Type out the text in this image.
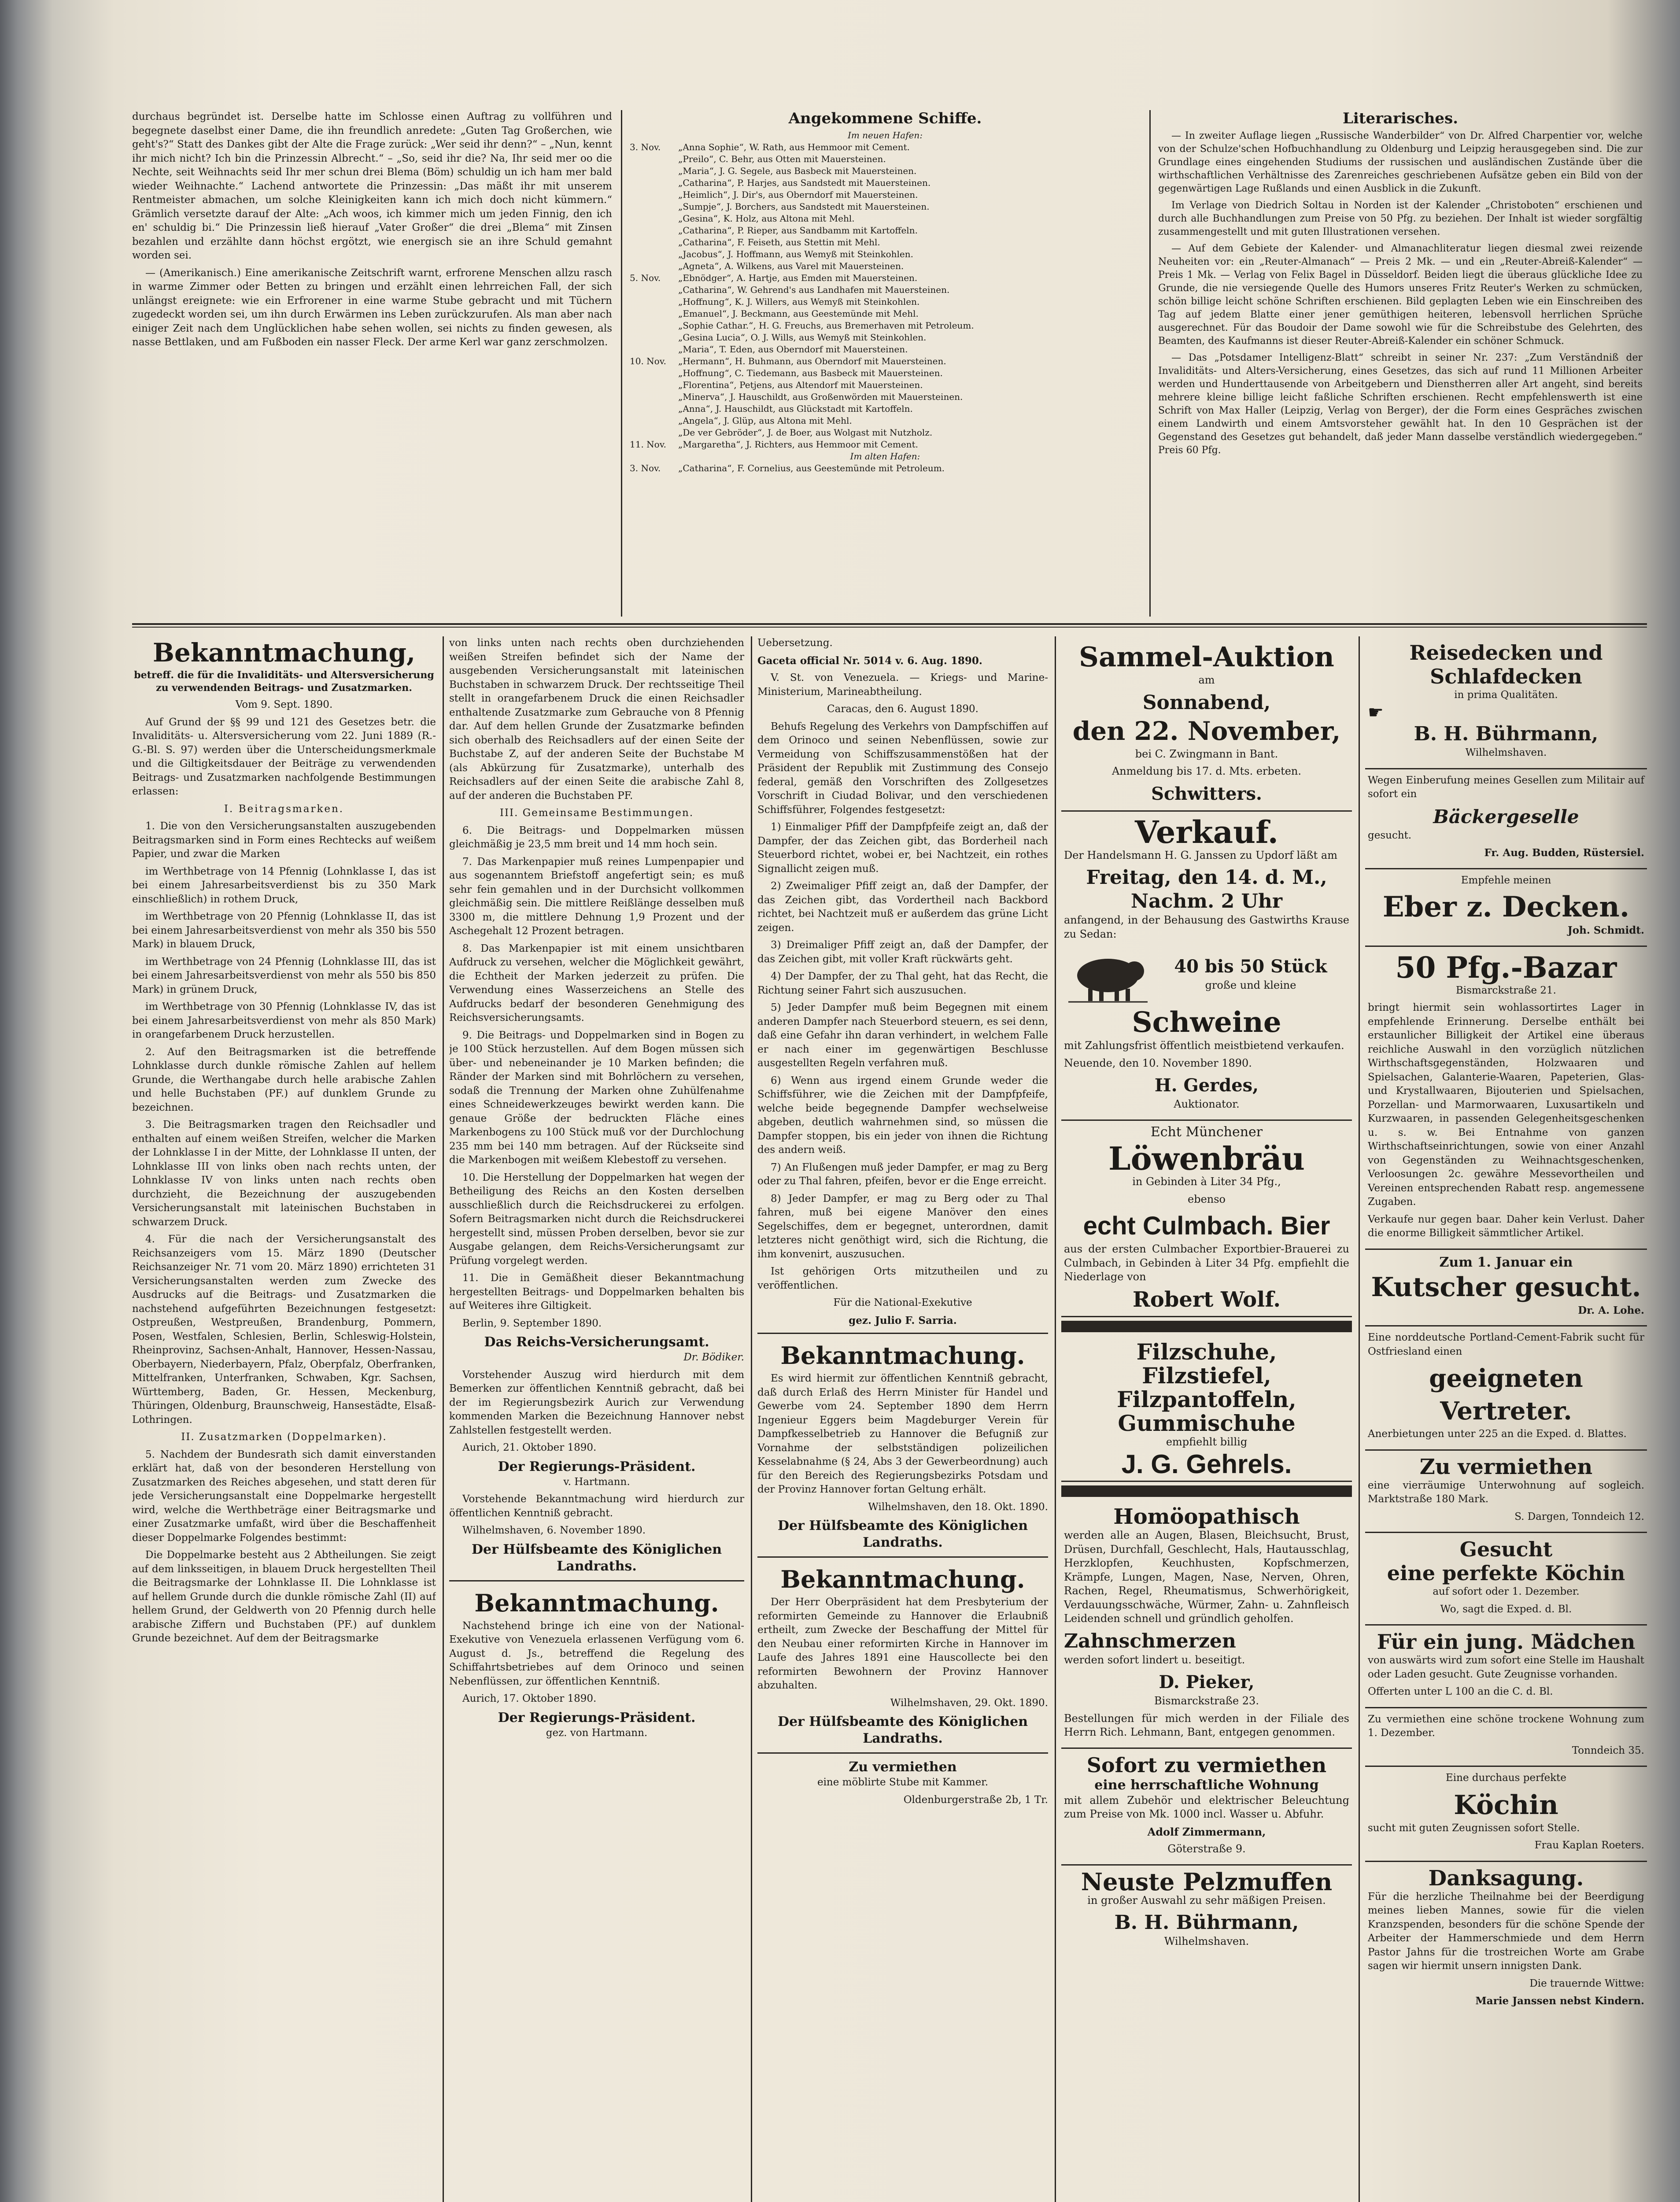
durchaus begründet ist. Derselbe hatte im Schlosse einen Auftrag zu vollführen und begegnete daselbst einer Dame, die ihn freundlich anredete: „Guten Tag Großerchen, wie geht's?“ Statt des Dankes gibt der Alte die Frage zurück: „Wer seid ihr denn?“ – „Nun, kennt ihr mich nicht? Ich bin die Prinzessin Albrecht.“ – „So, seid ihr die? Na, Ihr seid mer oo die Nechte, seit Weihnachts seid Ihr mer schun drei Blema (Böm) schuldig un ich ham mer bald wieder Weihnachte.“ Lachend antwortete die Prinzessin: „Das mäßt ihr mit unserem Rentmeister abmachen, um solche Kleinigkeiten kann ich mich doch nicht kümmern.“ Grämlich versetzte darauf der Alte: „Ach woos, ich kimmer mich um jeden Finnig, den ich en' schuldig bi.“ Die Prinzessin ließ hierauf „Vater Großer“ die drei „Blema“ mit Zinsen bezahlen und erzählte dann höchst ergötzt, wie energisch sie an ihre Schuld gemahnt worden sei.

— (Amerikanisch.) Eine amerikanische Zeitschrift warnt, erfrorene Menschen allzu rasch in warme Zimmer oder Betten zu bringen und erzählt einen lehrreichen Fall, der sich unlängst ereignete: wie ein Erfrorener in eine warme Stube gebracht und mit Tüchern zugedeckt worden sei, um ihn durch Erwärmen ins Leben zurückzurufen. Als man aber nach einiger Zeit nach dem Unglücklichen habe sehen wollen, sei nichts zu finden gewesen, als nasse Bettlaken, und am Fußboden ein nasser Fleck. Der arme Kerl war ganz zerschmolzen.

Angekommene Schiffe.
Im neuen Hafen:
3. Nov. „Anna Sophie“, W. Rath, aus Hemmoor mit Cement.
„Preilo“, C. Behr, aus Otten mit Mauersteinen.
„Maria“, J. G. Segele, aus Basbeck mit Mauersteinen.
„Catharina“, P. Harjes, aus Sandstedt mit Mauersteinen.
„Heimlich“, J. Dir's, aus Oberndorf mit Mauersteinen.
„Sumpje“, J. Borchers, aus Sandstedt mit Mauersteinen.
„Gesina“, K. Holz, aus Altona mit Mehl.
„Catharina“, P. Rieper, aus Sandbamm mit Kartoffeln.
„Catharina“, F. Feiseth, aus Stettin mit Mehl.
„Jacobus“, J. Hoffmann, aus Wemyß mit Steinkohlen.
„Agneta“, A. Wilkens, aus Varel mit Mauersteinen.
5. Nov. „Ebnödger“, A. Hartje, aus Emden mit Mauersteinen.
„Catharina“, W. Gehrend's aus Landhafen mit Mauersteinen.
„Hoffnung“, K. J. Willers, aus Wemyß mit Steinkohlen.
„Emanuel“, J. Beckmann, aus Geestemünde mit Mehl.
„Sophie Cathar.“, H. G. Freuchs, aus Bremerhaven mit Petroleum.
„Gesina Lucia“, O. J. Wills, aus Wemyß mit Steinkohlen.
„Maria“, T. Eden, aus Oberndorf mit Mauersteinen.
10. Nov. „Hermann“, H. Buhmann, aus Oberndorf mit Mauersteinen.
„Hoffnung“, C. Tiedemann, aus Basbeck mit Mauersteinen.
„Florentina“, Petjens, aus Altendorf mit Mauersteinen.
„Minerva“, J. Hauschildt, aus Großenwörden mit Mauersteinen.
„Anna“, J. Hauschildt, aus Glückstadt mit Kartoffeln.
„Angela“, J. Glüp, aus Altona mit Mehl.
„De ver Gebröder“, J. de Boer, aus Wolgast mit Nutzholz.
11. Nov. „Margaretha“, J. Richters, aus Hemmoor mit Cement.
Im alten Hafen:
3. Nov. „Catharina“, F. Cornelius, aus Geestemünde mit Petroleum.
Literarisches.

— In zweiter Auflage liegen „Russische Wanderbilder“ von Dr. Alfred Charpentier vor, welche von der Schulze'schen Hofbuchhandlung zu Oldenburg und Leipzig herausgegeben sind. Die zur Grundlage eines eingehenden Studiums der russischen und ausländischen Zustände über die wirthschaftlichen Verhältnisse des Zarenreiches geschriebenen Aufsätze geben ein Bild von der gegenwärtigen Lage Rußlands und einen Ausblick in die Zukunft.

Im Verlage von Diedrich Soltau in Norden ist der Kalender „Christoboten“ erschienen und durch alle Buchhandlungen zum Preise von 50 Pfg. zu beziehen. Der Inhalt ist wieder sorgfältig zusammengestellt und mit guten Illustrationen versehen.

— Auf dem Gebiete der Kalender- und Almanachliteratur liegen diesmal zwei reizende Neuheiten vor: ein „Reuter-Almanach“ — Preis 2 Mk. — und ein „Reuter-Abreiß-Kalender“ — Preis 1 Mk. — Verlag von Felix Bagel in Düsseldorf. Beiden liegt die überaus glückliche Idee zu Grunde, die nie versiegende Quelle des Humors unseres Fritz Reuter's Werken zu schmücken, schön billige leicht schöne Schriften erschienen. Bild geplagten Leben wie ein Einschreiben des Tag auf jedem Blatte einer jener gemüthigen heiteren, lebensvoll herrlichen Sprüche ausgerechnet. Für das Boudoir der Dame sowohl wie für die Schreibstube des Gelehrten, des Beamten, des Kaufmanns ist dieser Reuter-Abreiß-Kalender ein schöner Schmuck.

— Das „Potsdamer Intelligenz-Blatt“ schreibt in seiner Nr. 237: „Zum Verständniß der Invaliditäts- und Alters-Versicherung, eines Gesetzes, das sich auf rund 11 Millionen Arbeiter werden und Hunderttausende von Arbeitgebern und Dienstherren aller Art angeht, sind bereits mehrere kleine billige leicht faßliche Schriften erschienen. Recht empfehlenswerth ist eine Schrift von Max Haller (Leipzig, Verlag von Berger), der die Form eines Gespräches zwischen einem Landwirth und einem Amtsvorsteher gewählt hat. In den 10 Gesprächen ist der Gegenstand des Gesetzes gut behandelt, daß jeder Mann dasselbe verständlich wiedergegeben.“ Preis 60 Pfg.

Bekanntmachung,

betreff. die für die Invaliditäts- und Altersversicherung zu verwendenden Beitrags- und Zusatzmarken.

Vom 9. Sept. 1890.

Auf Grund der §§ 99 und 121 des Gesetzes betr. die Invaliditäts- u. Altersversicherung vom 22. Juni 1889 (R.-G.-Bl. S. 97) werden über die Unterscheidungsmerkmale und die Giltigkeitsdauer der Beiträge zu verwendenden Beitrags- und Zusatzmarken nachfolgende Bestimmungen erlassen:

I. Beitragsmarken.

1. Die von den Versicherungsanstalten auszugebenden Beitragsmarken sind in Form eines Rechtecks auf weißem Papier, und zwar die Marken

im Werthbetrage von 14 Pfennig (Lohnklasse I, das ist bei einem Jahresarbeitsverdienst bis zu 350 Mark einschließlich) in rothem Druck,

im Werthbetrage von 20 Pfennig (Lohnklasse II, das ist bei einem Jahresarbeitsverdienst von mehr als 350 bis 550 Mark) in blauem Druck,

im Werthbetrage von 24 Pfennig (Lohnklasse III, das ist bei einem Jahresarbeitsverdienst von mehr als 550 bis 850 Mark) in grünem Druck,

im Werthbetrage von 30 Pfennig (Lohnklasse IV, das ist bei einem Jahresarbeitsverdienst von mehr als 850 Mark) in orangefarbenem Druck herzustellen.

2. Auf den Beitragsmarken ist die betreffende Lohnklasse durch dunkle römische Zahlen auf hellem Grunde, die Werthangabe durch helle arabische Zahlen und helle Buchstaben (PF.) auf dunklem Grunde zu bezeichnen.

3. Die Beitragsmarken tragen den Reichsadler und enthalten auf einem weißen Streifen, welcher die Marken der Lohnklasse I in der Mitte, der Lohnklasse II unten, der Lohnklasse III von links oben nach rechts unten, der Lohnklasse IV von links unten nach rechts oben durchzieht, die Bezeichnung der auszugebenden Versicherungsanstalt mit lateinischen Buchstaben in schwarzem Druck.

4. Für die nach der Versicherungsanstalt des Reichsanzeigers vom 15. März 1890 (Deutscher Reichsanzeiger Nr. 71 vom 20. März 1890) errichteten 31 Versicherungsanstalten werden zum Zwecke des Ausdrucks auf die Beitrags- und Zusatzmarken die nachstehend aufgeführten Bezeichnungen festgesetzt: Ostpreußen, Westpreußen, Brandenburg, Pommern, Posen, Westfalen, Schlesien, Berlin, Schleswig-Holstein, Rheinprovinz, Sachsen-Anhalt, Hannover, Hessen-Nassau, Oberbayern, Niederbayern, Pfalz, Oberpfalz, Oberfranken, Mittelfranken, Unterfranken, Schwaben, Kgr. Sachsen, Württemberg, Baden, Gr. Hessen, Meckenburg, Thüringen, Oldenburg, Braunschweig, Hansestädte, Elsaß-Lothringen.

II. Zusatzmarken (Doppelmarken).

5. Nachdem der Bundesrath sich damit einverstanden erklärt hat, daß von der besonderen Herstellung von Zusatzmarken des Reiches abgesehen, und statt deren für jede Versicherungsanstalt eine Doppelmarke hergestellt wird, welche die Werthbeträge einer Beitragsmarke und einer Zusatzmarke umfaßt, wird über die Beschaffenheit dieser Doppelmarke Folgendes bestimmt:

Die Doppelmarke besteht aus 2 Abtheilungen. Sie zeigt auf dem linksseitigen, in blauem Druck hergestellten Theil die Beitragsmarke der Lohnklasse II. Die Lohnklasse ist auf hellem Grunde durch die dunkle römische Zahl (II) auf hellem Grund, der Geldwerth von 20 Pfennig durch helle arabische Ziffern und Buchstaben (PF.) auf dunklem Grunde bezeichnet. Auf dem der Beitragsmarke

von links unten nach rechts oben durchziehenden weißen Streifen befindet sich der Name der ausgebenden Versicherungsanstalt mit lateinischen Buchstaben in schwarzem Druck. Der rechtsseitige Theil stellt in orangefarbenem Druck die einen Reichsadler enthaltende Zusatzmarke zum Gebrauche von 8 Pfennig dar. Auf dem hellen Grunde der Zusatzmarke befinden sich oberhalb des Reichsadlers auf der einen Seite der Buchstabe Z, auf der anderen Seite der Buchstabe M (als Abkürzung für Zusatzmarke), unterhalb des Reichsadlers auf der einen Seite die arabische Zahl 8, auf der anderen die Buchstaben PF.

III. Gemeinsame Bestimmungen.

6. Die Beitrags- und Doppelmarken müssen gleichmäßig je 23,5 mm breit und 14 mm hoch sein.

7. Das Markenpapier muß reines Lumpenpapier und aus sogenanntem Briefstoff angefertigt sein; es muß sehr fein gemahlen und in der Durchsicht vollkommen gleichmäßig sein. Die mittlere Reißlänge desselben muß 3300 m, die mittlere Dehnung 1,9 Prozent und der Aschegehalt 12 Prozent betragen.

8. Das Markenpapier ist mit einem unsichtbaren Aufdruck zu versehen, welcher die Möglichkeit gewährt, die Echtheit der Marken jederzeit zu prüfen. Die Verwendung eines Wasserzeichens an Stelle des Aufdrucks bedarf der besonderen Genehmigung des Reichsversicherungsamts.

9. Die Beitrags- und Doppelmarken sind in Bogen zu je 100 Stück herzustellen. Auf dem Bogen müssen sich über- und nebeneinander je 10 Marken befinden; die Ränder der Marken sind mit Bohrlöchern zu versehen, sodaß die Trennung der Marken ohne Zuhülfenahme eines Schneidewerkzeuges bewirkt werden kann. Die genaue Größe der bedruckten Fläche eines Markenbogens zu 100 Stück muß vor der Durchlochung 235 mm bei 140 mm betragen. Auf der Rückseite sind die Markenbogen mit weißem Klebestoff zu versehen.

10. Die Herstellung der Doppelmarken hat wegen der Betheiligung des Reichs an den Kosten derselben ausschließlich durch die Reichsdruckerei zu erfolgen. Sofern Beitragsmarken nicht durch die Reichsdruckerei hergestellt sind, müssen Proben derselben, bevor sie zur Ausgabe gelangen, dem Reichs-Versicherungsamt zur Prüfung vorgelegt werden.

11. Die in Gemäßheit dieser Bekanntmachung hergestellten Beitrags- und Doppelmarken behalten bis auf Weiteres ihre Giltigkeit.

Berlin, 9. September 1890.

Das Reichs-Versicherungsamt.

Dr. Bödiker.

Vorstehender Auszug wird hierdurch mit dem Bemerken zur öffentlichen Kenntniß gebracht, daß bei der im Regierungsbezirk Aurich zur Verwendung kommenden Marken die Bezeichnung Hannover nebst Zahlstellen festgestellt werden.

Aurich, 21. Oktober 1890.

Der Regierungs-Präsident.

v. Hartmann.

Vorstehende Bekanntmachung wird hierdurch zur öffentlichen Kenntniß gebracht.

Wilhelmshaven, 6. November 1890.

Der Hülfsbeamte des Königlichen Landraths.
Bekanntmachung.

Nachstehend bringe ich eine von der National-Exekutive von Venezuela erlassenen Verfügung vom 6. August d. Js., betreffend die Regelung des Schiffahrtsbetriebes auf dem Orinoco und seinen Nebenflüssen, zur öffentlichen Kenntniß.

Aurich, 17. Oktober 1890.

Der Regierungs-Präsident.

gez. von Hartmann.

Uebersetzung.

Gaceta official Nr. 5014 v. 6. Aug. 1890.

V. St. von Venezuela. — Kriegs- und Marine-Ministerium, Marineabtheilung.

Caracas, den 6. August 1890.

Behufs Regelung des Verkehrs von Dampfschiffen auf dem Orinoco und seinen Nebenflüssen, sowie zur Vermeidung von Schiffszusammenstößen hat der Präsident der Republik mit Zustimmung des Consejo federal, gemäß den Vorschriften des Zollgesetzes Vorschrift in Ciudad Bolivar, und den verschiedenen Schiffsführer, Folgendes festgesetzt:

1) Einmaliger Pfiff der Dampfpfeife zeigt an, daß der Dampfer, der das Zeichen gibt, das Borderheil nach Steuerbord richtet, wobei er, bei Nachtzeit, ein rothes Signallicht zeigen muß.

2) Zweimaliger Pfiff zeigt an, daß der Dampfer, der das Zeichen gibt, das Vordertheil nach Backbord richtet, bei Nachtzeit muß er außerdem das grüne Licht zeigen.

3) Dreimaliger Pfiff zeigt an, daß der Dampfer, der das Zeichen gibt, mit voller Kraft rückwärts geht.

4) Der Dampfer, der zu Thal geht, hat das Recht, die Richtung seiner Fahrt sich auszusuchen.

5) Jeder Dampfer muß beim Begegnen mit einem anderen Dampfer nach Steuerbord steuern, es sei denn, daß eine Gefahr ihn daran verhindert, in welchem Falle er nach einer im gegenwärtigen Beschlusse ausgestellten Regeln verfahren muß.

6) Wenn aus irgend einem Grunde weder die Schiffsführer, wie die Zeichen mit der Dampfpfeife, welche beide begegnende Dampfer wechselweise abgeben, deutlich wahrnehmen sind, so müssen die Dampfer stoppen, bis ein jeder von ihnen die Richtung des andern weiß.

7) An Flußengen muß jeder Dampfer, er mag zu Berg oder zu Thal fahren, pfeifen, bevor er die Enge erreicht.

8) Jeder Dampfer, er mag zu Berg oder zu Thal fahren, muß bei eigene Manöver den eines Segelschiffes, dem er begegnet, unterordnen, damit letzteres nicht genöthigt wird, sich die Richtung, die ihm konvenirt, auszusuchen.

Ist gehörigen Orts mitzutheilen und zu veröffentlichen.

Für die National-Exekutive

gez. Julio F. Sarria.

Bekanntmachung.

Es wird hiermit zur öffentlichen Kenntniß gebracht, daß durch Erlaß des Herrn Minister für Handel und Gewerbe vom 24. September 1890 dem Herrn Ingenieur Eggers beim Magdeburger Verein für Dampfkesselbetrieb zu Hannover die Befugniß zur Vornahme der selbstständigen polizeilichen Kesselabnahme (§ 24, Abs 3 der Gewerbeordnung) auch für den Bereich des Regierungsbezirks Potsdam und der Provinz Hannover fortan Geltung erhält.

Wilhelmshaven, den 18. Okt. 1890.

Der Hülfsbeamte des Königlichen Landraths.
Bekanntmachung.

Der Herr Oberpräsident hat dem Presbyterium der reformirten Gemeinde zu Hannover die Erlaubniß ertheilt, zum Zwecke der Beschaffung der Mittel für den Neubau einer reformirten Kirche in Hannover im Laufe des Jahres 1891 eine Hauscollecte bei den reformirten Bewohnern der Provinz Hannover abzuhalten.

Wilhelmshaven, 29. Okt. 1890.

Der Hülfsbeamte des Königlichen Landraths.
Zu vermiethen

eine möblirte Stube mit Kammer.

Oldenburgerstraße 2b, 1 Tr.

Sammel-Auktion

am

Sonnabend,
den 22. November,

bei C. Zwingmann in Bant.

Anmeldung bis 17. d. Mts. erbeten.

Schwitters.
Verkauf.

Der Handelsmann H. G. Janssen zu Updorf läßt am

Freitag, den 14. d. M.,
Nachm. 2 Uhr

anfangend, in der Behausung des Gastwirths Krause zu Sedan:

40 bis 50 Stück

große und kleine

Schweine

mit Zahlungsfrist öffentlich meistbietend verkaufen.

Neuende, den 10. November 1890.

H. Gerdes,

Auktionator.

Echt Münchener

Löwenbräu

in Gebinden à Liter 34 Pfg.,

ebenso

echt Culmbach. Bier

aus der ersten Culmbacher Exportbier-Brauerei zu Culmbach, in Gebinden à Liter 34 Pfg. empfiehlt die Niederlage von

Robert Wolf.
Filzschuhe,
Filzstiefel,
Filzpantoffeln,
Gummischuhe

empfiehlt billig

J. G. Gehrels.
Homöopathisch

werden alle an Augen, Blasen, Bleichsucht, Brust, Drüsen, Durchfall, Geschlecht, Hals, Hautausschlag, Herzklopfen, Keuchhusten, Kopfschmerzen, Krämpfe, Lungen, Magen, Nase, Nerven, Ohren, Rachen, Regel, Rheumatismus, Schwerhörigkeit, Verdauungsschwäche, Würmer, Zahn- u. Zahnfleisch Leidenden schnell und gründlich geholfen.

Zahnschmerzen

werden sofort lindert u. beseitigt.

D. Pieker,

Bismarckstraße 23.

Bestellungen für mich werden in der Filiale des Herrn Rich. Lehmann, Bant, entgegen genommen.

Sofort zu vermiethen
eine herrschaftliche Wohnung

mit allem Zubehör und elektrischer Beleuchtung zum Preise von Mk. 1000 incl. Wasser u. Abfuhr.

Adolf Zimmermann,

Göterstraße 9.

Neuste Pelzmuffen

in großer Auswahl zu sehr mäßigen Preisen.

B. H. Bührmann,

Wilhelmshaven.

Reisedecken und Schlafdecken

in prima Qualitäten.

☛
B. H. Bührmann,

Wilhelmshaven.

Wegen Einberufung meines Gesellen zum Militair auf sofort ein

Bäckergeselle

gesucht.

Fr. Aug. Budden, Rüstersiel.

Empfehle meinen

Eber z. Decken.

Joh. Schmidt.

50 Pfg.-Bazar

Bismarckstraße 21.

bringt hiermit sein wohlassortirtes Lager in empfehlende Erinnerung. Derselbe enthält bei erstaunlicher Billigkeit der Artikel eine überaus reichliche Auswahl in den vorzüglich nützlichen Wirthschaftsgegenständen, Holzwaaren und Spielsachen, Galanterie-Waaren, Papeterien, Glas- und Krystallwaaren, Bijouterien und Spielsachen, Porzellan- und Marmorwaaren, Luxusartikeln und Kurzwaaren, in passenden Gelegenheitsgeschenken u. s. w. Bei Entnahme von ganzen Wirthschaftseinrichtungen, sowie von einer Anzahl von Gegenständen zu Weihnachtsgeschenken, Verloosungen 2c. gewähre Messevortheilen und Vereinen entsprechenden Rabatt resp. angemessene Zugaben.

Verkaufe nur gegen baar. Daher kein Verlust. Daher die enorme Billigkeit sämmtlicher Artikel.

Zum 1. Januar ein
Kutscher gesucht.

Dr. A. Lohe.

Eine norddeutsche Portland-Cement-Fabrik sucht für Ostfriesland einen

geeigneten Vertreter.

Anerbietungen unter 225 an die Exped. d. Blattes.

Zu vermiethen

eine vierräumige Unterwohnung auf sogleich. Marktstraße 180 Mark.

S. Dargen, Tonndeich 12.

Gesucht
eine perfekte Köchin

auf sofort oder 1. Dezember.

Wo, sagt die Exped. d. Bl.

Für ein jung. Mädchen

von auswärts wird zum sofort eine Stelle im Haushalt oder Laden gesucht. Gute Zeugnisse vorhanden.

Offerten unter L 100 an die C. d. Bl.

Zu vermiethen eine schöne trockene Wohnung zum 1. Dezember.

Tonndeich 35.

Eine durchaus perfekte

Köchin

sucht mit guten Zeugnissen sofort Stelle.

Frau Kaplan Roeters.

Danksagung.

Für die herzliche Theilnahme bei der Beerdigung meines lieben Mannes, sowie für die vielen Kranzspenden, besonders für die schöne Spende der Arbeiter der Hammerschmiede und dem Herrn Pastor Jahns für die trostreichen Worte am Grabe sagen wir hiermit unsern innigsten Dank.

Die trauernde Wittwe:

Marie Janssen nebst Kindern.
